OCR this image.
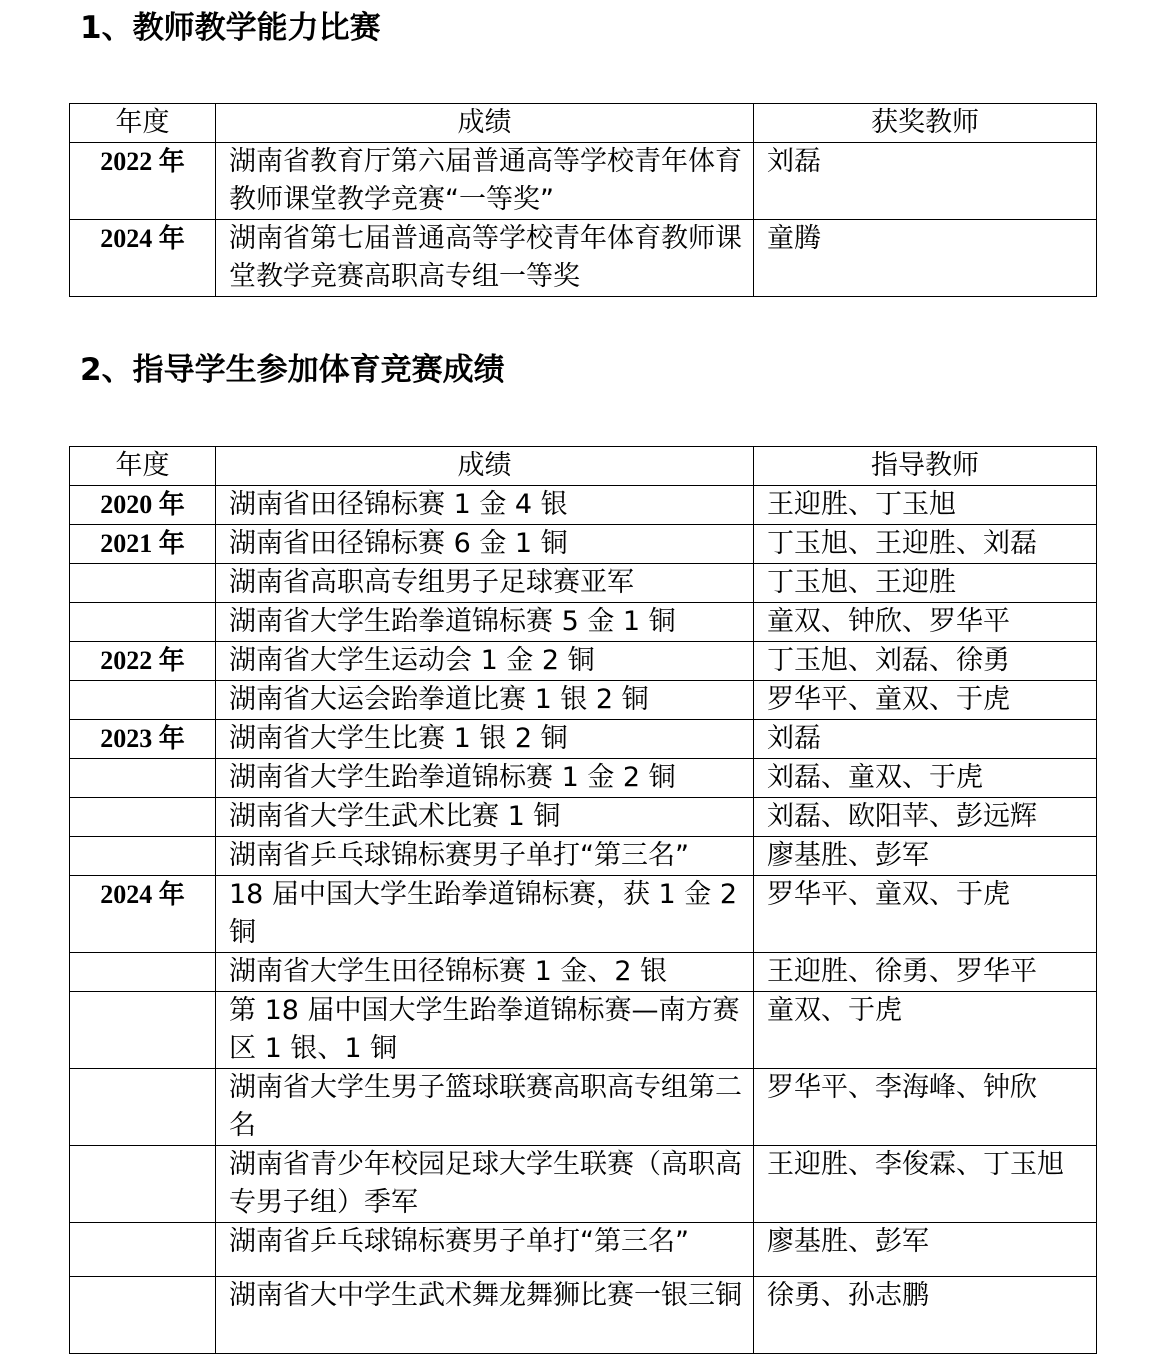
1、教师教学能力比赛
年度	成绩	获奖教师
2022 年	湖南省教育厅第六届普通高等学校青年体育教师课堂教学竞赛“一等奖”	刘磊
2024 年	湖南省第七届普通高等学校青年体育教师课堂教学竞赛高职高专组一等奖	童腾
2、指导学生参加体育竞赛成绩
年度	成绩	指导教师
2020 年	湖南省田径锦标赛 1 金 4 银	王迎胜、丁玉旭
2021 年	湖南省田径锦标赛 6 金 1 铜	丁玉旭、王迎胜、刘磊
	湖南省高职高专组男子足球赛亚军	丁玉旭、王迎胜
	湖南省大学生跆拳道锦标赛 5 金 1 铜	童双、钟欣、罗华平
2022 年	湖南省大学生运动会 1 金 2 铜	丁玉旭、刘磊、徐勇
	湖南省大运会跆拳道比赛 1 银 2 铜	罗华平、童双、于虎
2023 年	湖南省大学生比赛 1 银 2 铜	刘磊
	湖南省大学生跆拳道锦标赛 1 金 2 铜	刘磊、童双、于虎
	湖南省大学生武术比赛 1 铜	刘磊、欧阳苹、彭远辉
	湖南省乒乓球锦标赛男子单打“第三名”	廖基胜、彭军
2024 年	18 届中国大学生跆拳道锦标赛，获 1 金 2 铜	罗华平、童双、于虎
	湖南省大学生田径锦标赛 1 金、2 银	王迎胜、徐勇、罗华平
	第 18 届中国大学生跆拳道锦标赛—南方赛区 1 银、1 铜	童双、于虎
	湖南省大学生男子篮球联赛高职高专组第二名	罗华平、李海峰、钟欣
	湖南省青少年校园足球大学生联赛（高职高专男子组）季军	王迎胜、李俊霖、丁玉旭
	湖南省乒乓球锦标赛男子单打“第三名”	廖基胜、彭军
	湖南省大中学生武术舞龙舞狮比赛一银三铜	徐勇、孙志鹏
